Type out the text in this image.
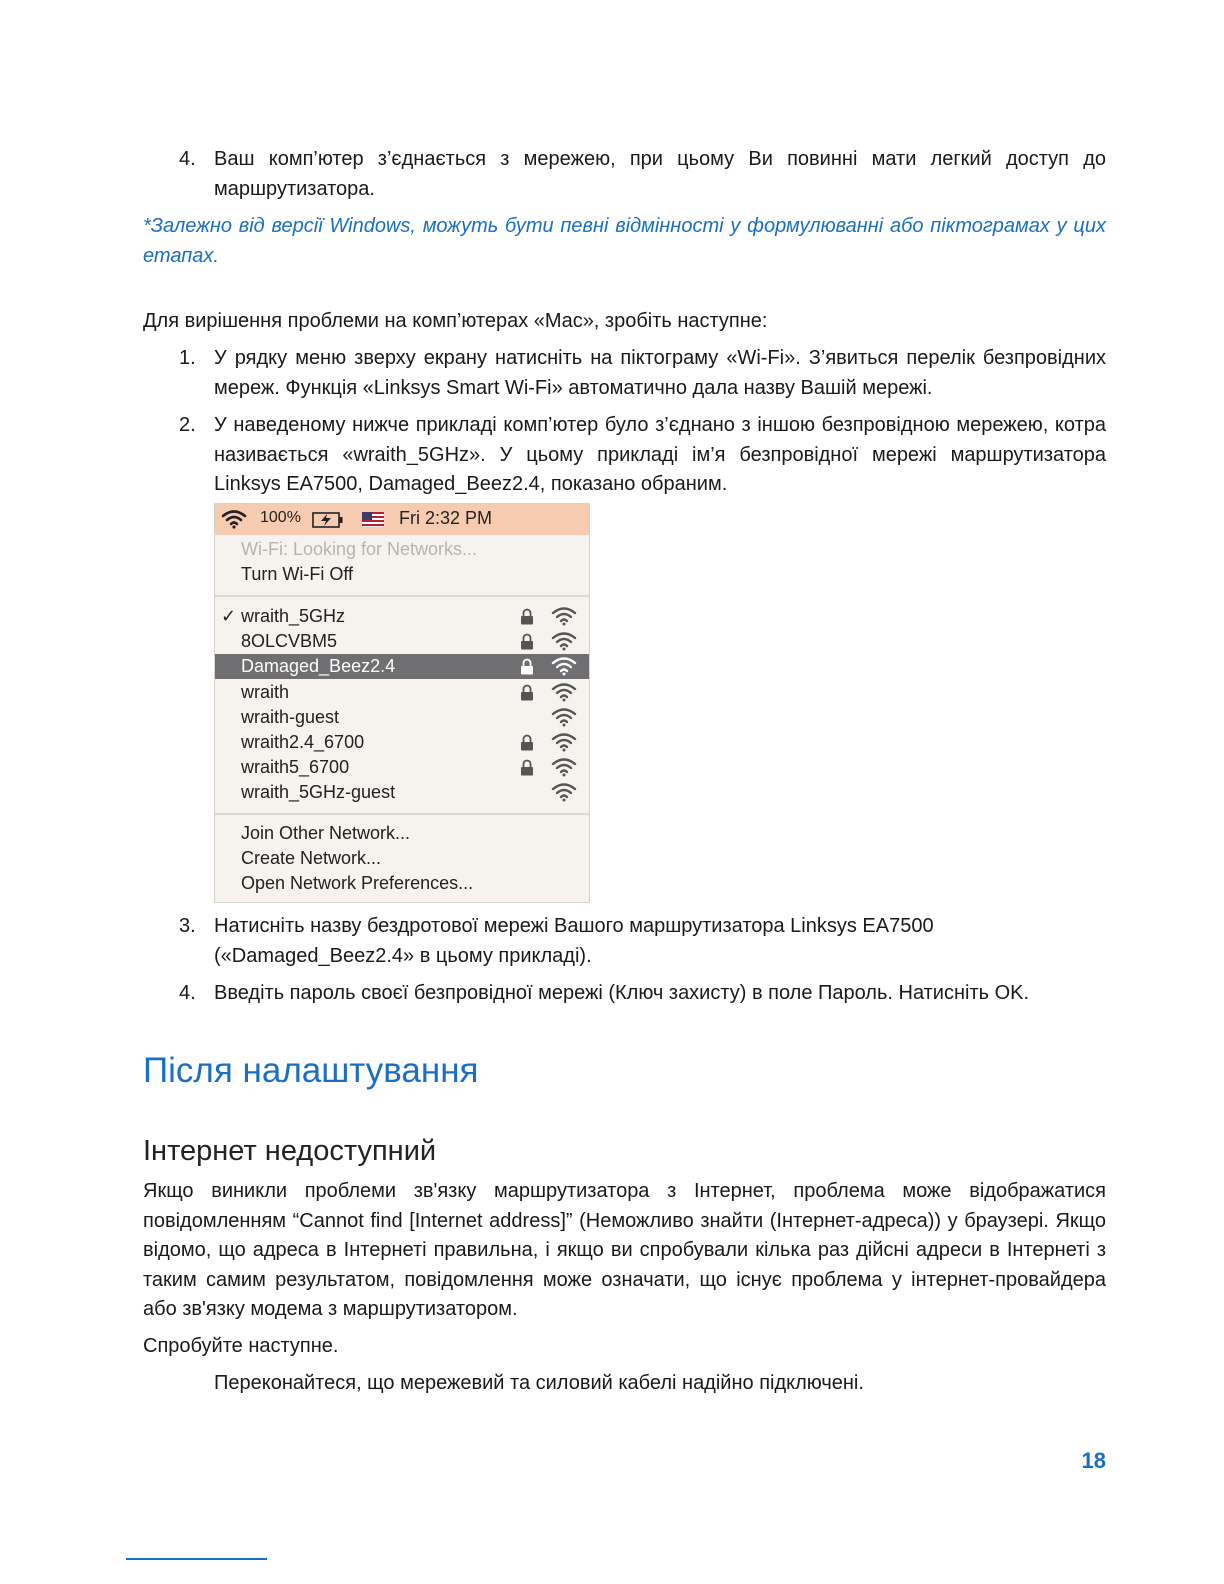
4. Ваш комп’ютер з’єднається з мережею, при цьому Ви повинні мати легкий доступ до маршрутизатора.
*Залежно від версії Windows, можуть бути певні відмінності у формулюванні або піктограмах у цих етапах.
Для вирішення проблеми на комп’ютерах «Mac», зробіть наступне:
1. У рядку меню зверху екрану натисніть на піктограму «Wi-Fi». З’явиться перелік безпровідних мереж. Функція «Linksys Smart Wi-Fi» автоматично дала назву Вашій мережі.
2. У наведеному нижче прикладі комп’ютер було з’єднано з іншою безпровідною мережею, котра називається «wraith_5GHz». У цьому прикладі ім’я безпровідної мережі маршрутизатора Linksys EA7500, Damaged_Beez2.4, показано обраним.
100%	Fri 2:32 PM
Wi-Fi: Looking for Networks...
Turn Wi-Fi Off
✓ wraith_5GHz
8OLCVBM5
Damaged_Beez2.4
wraith
wraith-guest
wraith2.4_6700
wraith5_6700
wraith_5GHz-guest
Join Other Network...
Create Network...
Open Network Preferences...
3. Натисніть назву бездротової мережі Вашого маршрутизатора Linksys EA7500 («Damaged_Beez2.4» в цьому прикладі).
4. Введіть пароль своєї безпровідної мережі (Ключ захисту) в поле Пароль. Натисніть OK.
Після налаштування
Інтернет недоступний
Якщо виникли проблеми зв'язку маршрутизатора з Інтернет, проблема може відображатися повідомленням “Cannot find [Internet address]” (Неможливо знайти (Інтернет-адреса)) у браузері. Якщо відомо, що адреса в Інтернеті правильна, і якщо ви спробували кілька раз дійсні адреси в Інтернеті з таким самим результатом, повідомлення може означати, що існує проблема у інтернет-провайдера або зв'язку модема з маршрутизатором.
Спробуйте наступне.
Переконайтеся, що мережевий та силовий кабелі надійно підключені.
18
